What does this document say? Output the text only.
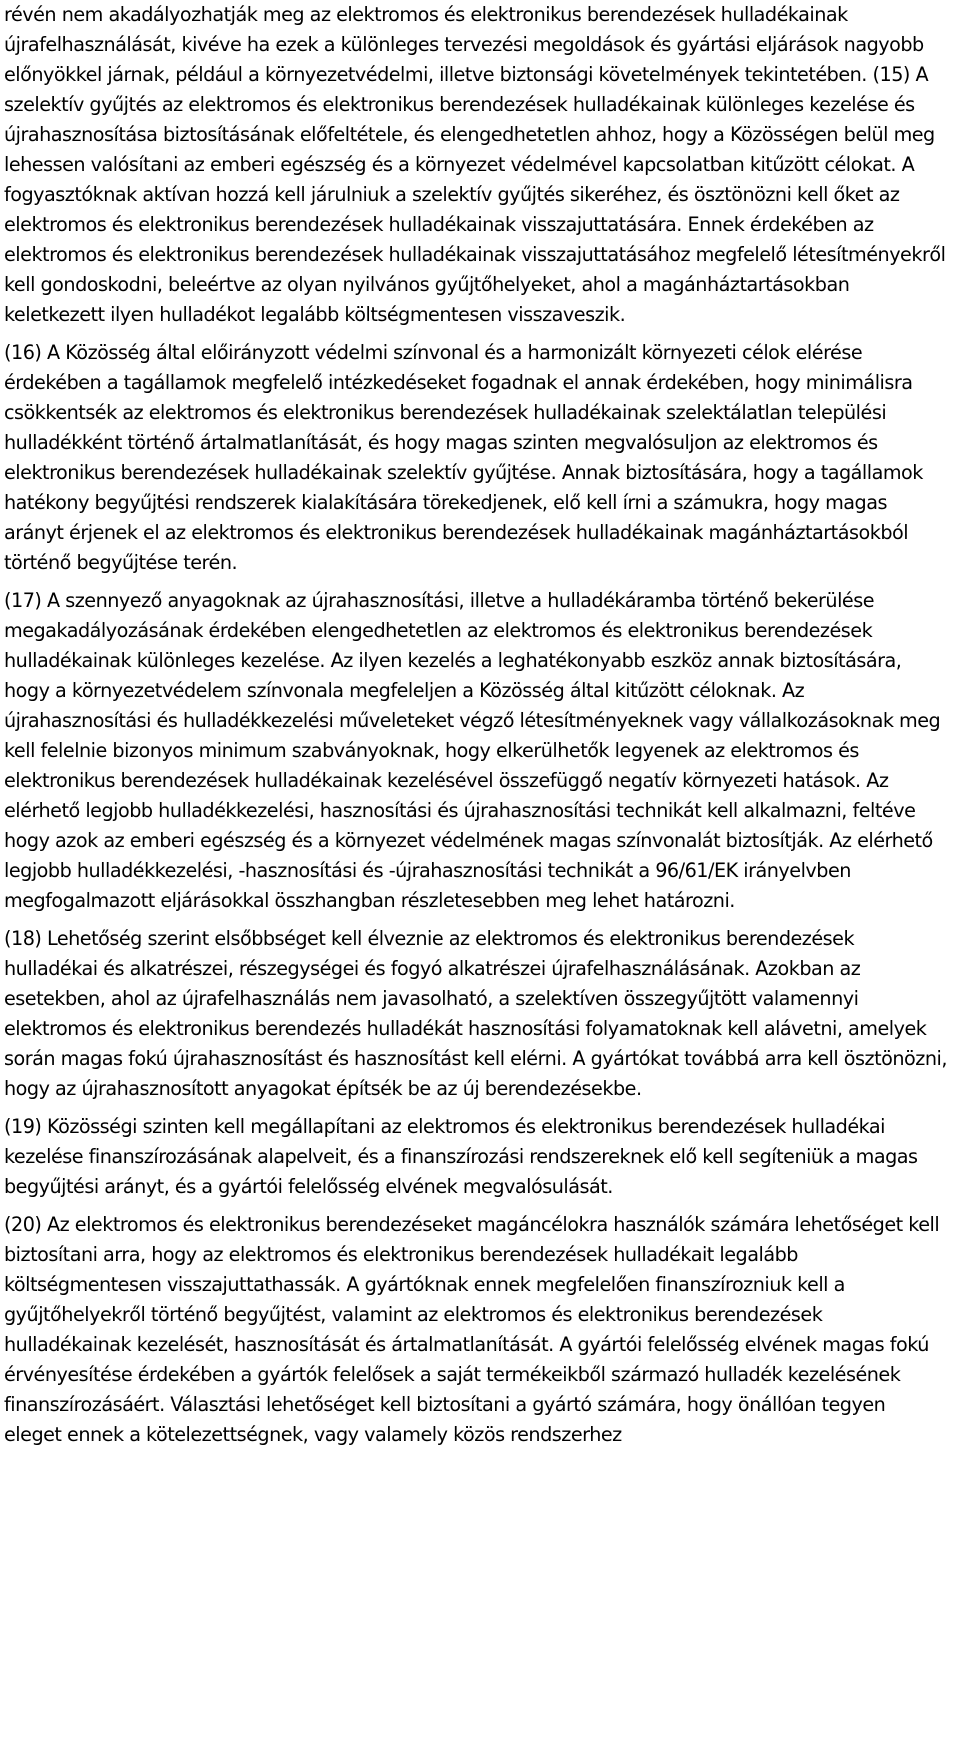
révén nem akadályozhatják meg az elektromos és elektronikus berendezések hulladékainak újrafelhasználását, kivéve ha ezek a különleges tervezési megoldások és gyártási eljárások nagyobb előnyökkel járnak, például a környezetvédelmi, illetve biztonsági követelmények tekintetében. (15) A szelektív gyűjtés az elektromos és elektronikus berendezések hulladékainak különleges kezelése és újrahasznosítása biztosításának előfeltétele, és elengedhetetlen ahhoz, hogy a Közösségen belül meg lehessen valósítani az emberi egészség és a környezet védelmével kapcsolatban kitűzött célokat. A fogyasztóknak aktívan hozzá kell járulniuk a szelektív gyűjtés sikeréhez, és ösztönözni kell őket az elektromos és elektronikus berendezések hulladékainak visszajuttatására. Ennek érdekében az elektromos és elektronikus berendezések hulladékainak visszajuttatásához megfelelő létesítményekről kell gondoskodni, beleértve az olyan nyilvános gyűjtőhelyeket, ahol a magánháztartásokban keletkezett ilyen hulladékot legalább költségmentesen visszaveszik.

(16) A Közösség által előirányzott védelmi színvonal és a harmonizált környezeti célok elérése érdekében a tagállamok megfelelő intézkedéseket fogadnak el annak érdekében, hogy minimálisra csökkentsék az elektromos és elektronikus berendezések hulladékainak szelektálatlan települési hulladékként történő ártalmatlanítását, és hogy magas szinten megvalósuljon az elektromos és elektronikus berendezések hulladékainak szelektív gyűjtése. Annak biztosítására, hogy a tagállamok hatékony begyűjtési rendszerek kialakítására törekedjenek, elő kell írni a számukra, hogy magas arányt érjenek el az elektromos és elektronikus berendezések hulladékainak magánháztartásokból történő begyűjtése terén.

(17) A szennyező anyagoknak az újrahasznosítási, illetve a hulladékáramba történő bekerülése megakadályozásának érdekében elengedhetetlen az elektromos és elektronikus berendezések hulladékainak különleges kezelése. Az ilyen kezelés a leghatékonyabb eszköz annak biztosítására, hogy a környezetvédelem színvonala megfeleljen a Közösség által kitűzött céloknak. Az újrahasznosítási és hulladékkezelési műveleteket végző létesítményeknek vagy vállalkozásoknak meg kell felelnie bizonyos minimum szabványoknak, hogy elkerülhetők legyenek az elektromos és elektronikus berendezések hulladékainak kezelésével összefüggő negatív környezeti hatások. Az elérhető legjobb hulladékkezelési, hasznosítási és újrahasznosítási technikát kell alkalmazni, feltéve hogy azok az emberi egészség és a környezet védelmének magas színvonalát biztosítják. Az elérhető legjobb hulladékkezelési, -hasznosítási és -újrahasznosítási technikát a 96/61/EK irányelvben megfogalmazott eljárásokkal összhangban részletesebben meg lehet határozni.

(18) Lehetőség szerint elsőbbséget kell élveznie az elektromos és elektronikus berendezések hulladékai és alkatrészei, részegységei és fogyó alkatrészei újrafelhasználásának. Azokban az esetekben, ahol az újrafelhasználás nem javasolható, a szelektíven összegyűjtött valamennyi elektromos és elektronikus berendezés hulladékát hasznosítási folyamatoknak kell alávetni, amelyek során magas fokú újrahasznosítást és hasznosítást kell elérni. A gyártókat továbbá arra kell ösztönözni, hogy az újrahasznosított anyagokat építsék be az új berendezésekbe.

(19) Közösségi szinten kell megállapítani az elektromos és elektronikus berendezések hulladékai kezelése finanszírozásának alapelveit, és a finanszírozási rendszereknek elő kell segíteniük a magas begyűjtési arányt, és a gyártói felelősség elvének megvalósulását.

(20) Az elektromos és elektronikus berendezéseket magáncélokra használók számára lehetőséget kell biztosítani arra, hogy az elektromos és elektronikus berendezések hulladékait legalább költségmentesen visszajuttathassák. A gyártóknak ennek megfelelően finanszírozniuk kell a gyűjtőhelyekről történő begyűjtést, valamint az elektromos és elektronikus berendezések hulladékainak kezelését, hasznosítását és ártalmatlanítását. A gyártói felelősség elvének magas fokú érvényesítése érdekében a gyártók felelősek a saját termékeikből származó hulladék kezelésének finanszírozásáért. Választási lehetőséget kell biztosítani a gyártó számára, hogy önállóan tegyen eleget ennek a kötelezettségnek, vagy valamely közös rendszerhez
